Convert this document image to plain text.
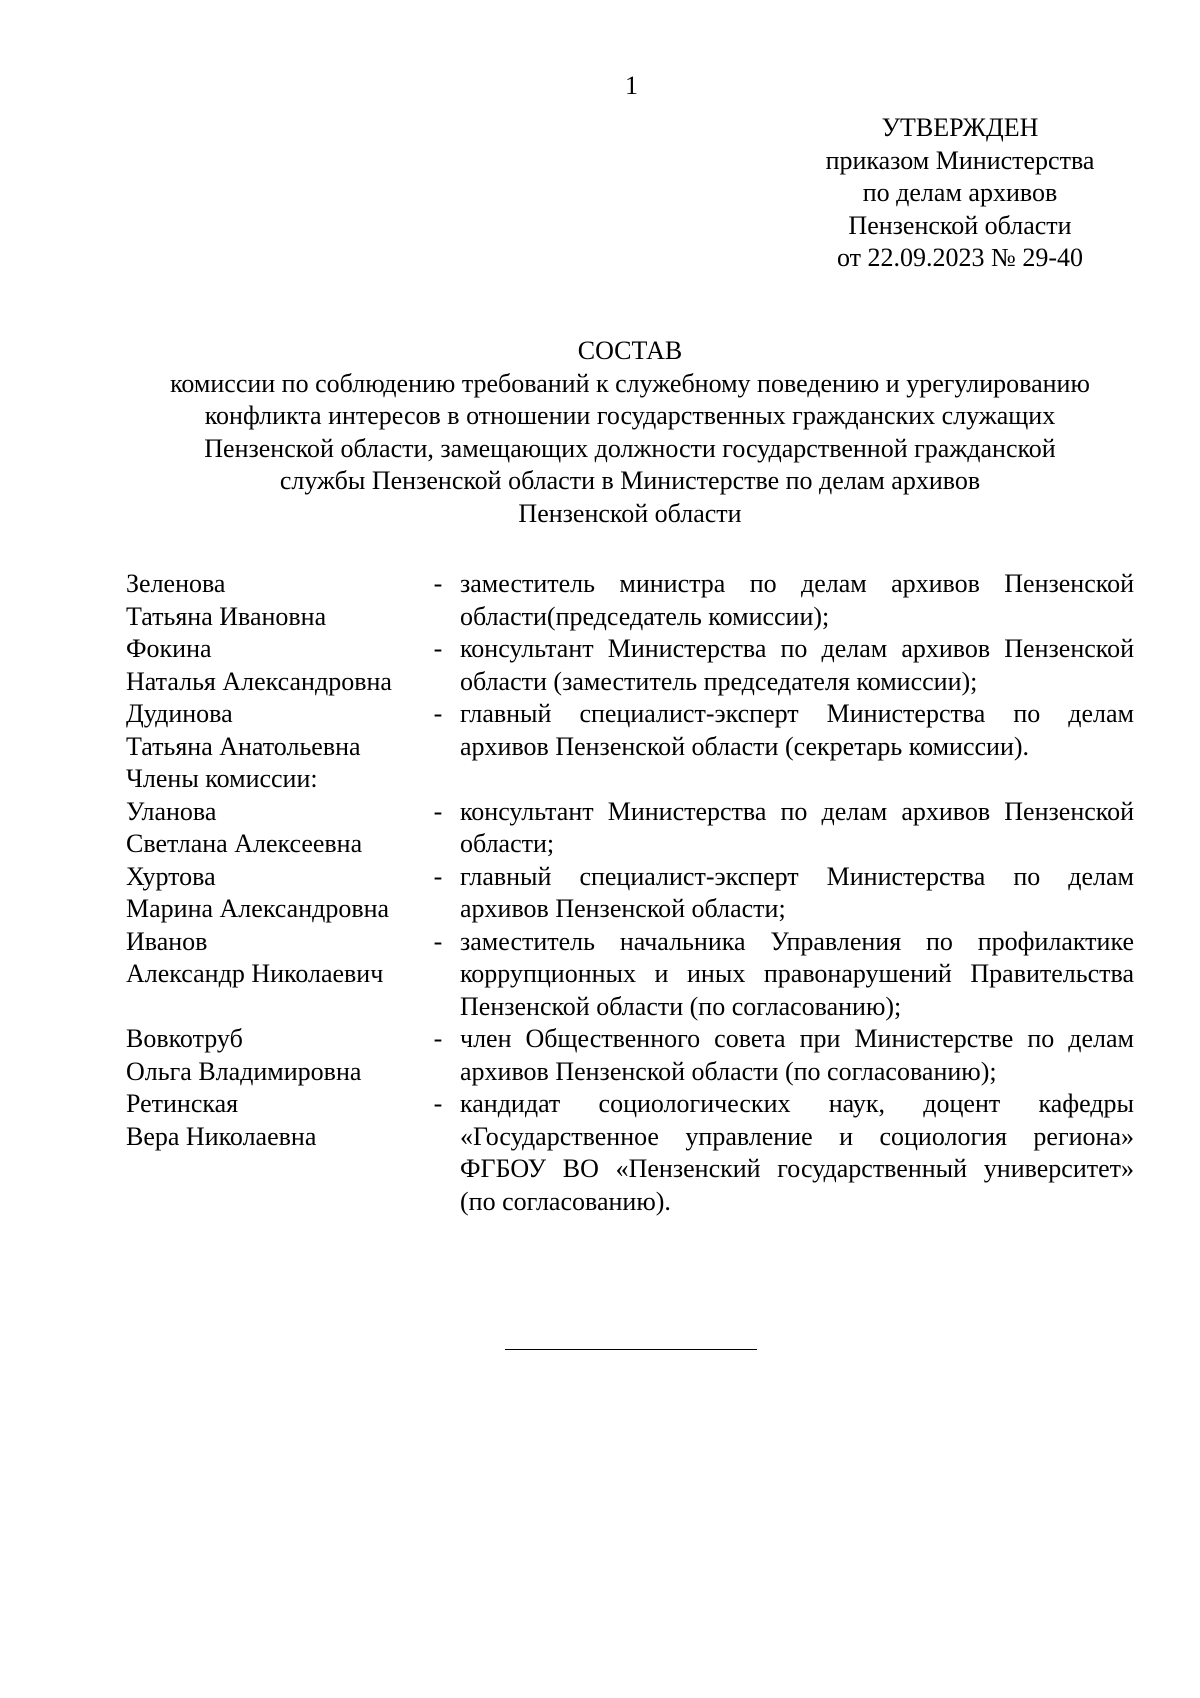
1
УТВЕРЖДЕН
приказом Министерства
по делам архивов
Пензенской области
от 22.09.2023 № 29-40
СОСТАВ
комиссии по соблюдению требований к служебному поведению и урегулированию
конфликта интересов в отношении государственных гражданских служащих
Пензенской области, замещающих должности государственной гражданской
службы Пензенской области в Министерстве по делам архивов
Пензенской области
Зеленова
Татьяна Ивановна
- заместитель министра по делам архивов Пензенской области(председатель комиссии);
Фокина
Наталья Александровна
- консультант Министерства по делам архивов Пензенской области (заместитель председателя комиссии);
Дудинова
Татьяна Анатольевна
- главный специалист-эксперт Министерства по делам архивов Пензенской области (секретарь комиссии).
Члены комиссии:
Уланова
Светлана Алексеевна
- консультант Министерства по делам архивов Пензенской области;
Хуртова
Марина Александровна
- главный специалист-эксперт Министерства по делам архивов Пензенской области;
Иванов
Александр Николаевич
- заместитель начальника Управления по профилактике коррупционных и иных правонарушений Правительства Пензенской области (по согласованию);
Вовкотруб
Ольга Владимировна
- член Общественного совета при Министерстве по делам архивов Пензенской области (по согласованию);
Ретинская
Вера Николаевна
- кандидат социологических наук, доцент кафедры «Государственное управление и социология региона» ФГБОУ ВО «Пензенский государственный университет» (по согласованию).
